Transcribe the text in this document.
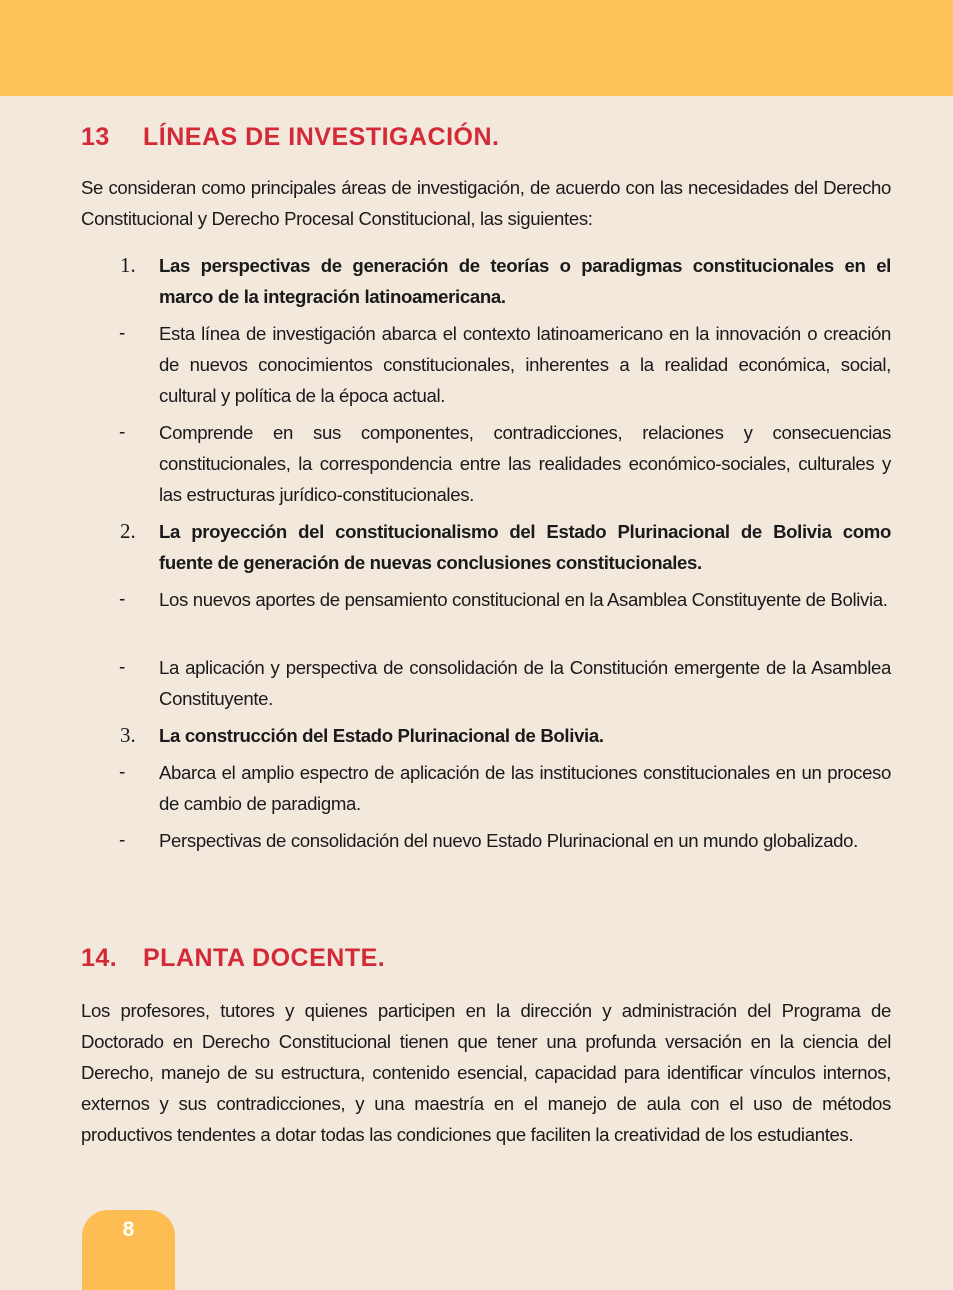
13 LÍNEAS DE INVESTIGACIÓN.

Se consideran como principales áreas de investigación, de acuerdo con las necesidades del Derecho Constitucional y Derecho Procesal Constitucional, las siguientes:

1. Las perspectivas de generación de teorías o paradigmas constitucionales en el marco de la integración latinoamericana.
- Esta línea de investigación abarca el contexto latinoamericano en la innovación o creación de nuevos conocimientos constitucionales, inherentes a la realidad económica, social, cultural y política de la época actual.
- Comprende en sus componentes, contradicciones, relaciones y consecuencias constitucionales, la correspondencia entre las realidades económico-sociales, culturales y las estructuras jurídico-constitucionales.
2. La proyección del constitucionalismo del Estado Plurinacional de Bolivia como fuente de generación de nuevas conclusiones constitucionales.
- Los nuevos aportes de pensamiento constitucional en la Asamblea Constituyente de Bolivia.
- La aplicación y perspectiva de consolidación de la Constitución emergente de la Asamblea Constituyente.
3. La construcción del Estado Plurinacional de Bolivia.
- Abarca el amplio espectro de aplicación de las instituciones constitucionales en un proceso de cambio de paradigma.
- Perspectivas de consolidación del nuevo Estado Plurinacional en un mundo globalizado.
14. PLANTA DOCENTE.

Los profesores, tutores y quienes participen en la dirección y administración del Programa de Doctorado en Derecho Constitucional tienen que tener una profunda versación en la ciencia del Derecho, manejo de su estructura, contenido esencial, capacidad para identificar vínculos internos, externos y sus contradicciones, y una maestría en el manejo de aula con el uso de métodos productivos tendentes a dotar todas las condiciones que faciliten la creatividad de los estudiantes.

8
